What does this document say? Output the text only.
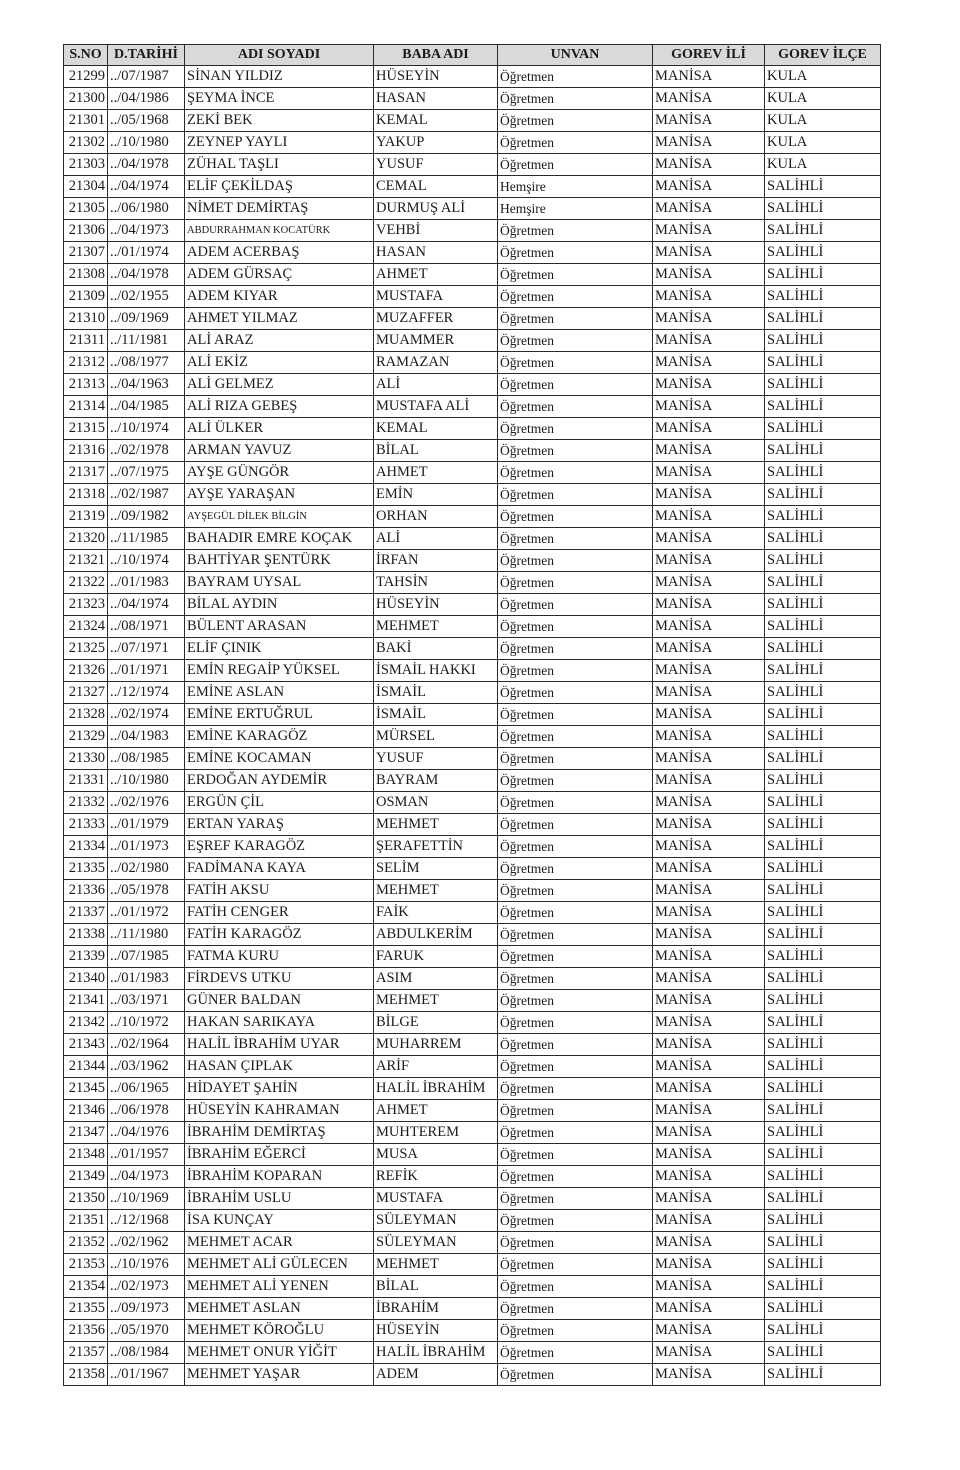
S.NO	D.TARİHİ	ADI SOYADI	BABA ADI	UNVAN	GOREV İLİ	GOREV İLÇE
21299	../07/1987	SİNAN YILDIZ	HÜSEYİN	Öğretmen	MANİSA	KULA
21300	../04/1986	ŞEYMA İNCE	HASAN	Öğretmen	MANİSA	KULA
21301	../05/1968	ZEKİ BEK	KEMAL	Öğretmen	MANİSA	KULA
21302	../10/1980	ZEYNEP YAYLI	YAKUP	Öğretmen	MANİSA	KULA
21303	../04/1978	ZÜHAL TAŞLI	YUSUF	Öğretmen	MANİSA	KULA
21304	../04/1974	ELİF ÇEKİLDAŞ	CEMAL	Hemşire	MANİSA	SALİHLİ
21305	../06/1980	NİMET DEMİRTAŞ	DURMUŞ ALİ	Hemşire	MANİSA	SALİHLİ
21306	../04/1973	ABDURRAHMAN KOCATÜRK	VEHBİ	Öğretmen	MANİSA	SALİHLİ
21307	../01/1974	ADEM ACERBAŞ	HASAN	Öğretmen	MANİSA	SALİHLİ
21308	../04/1978	ADEM GÜRSAÇ	AHMET	Öğretmen	MANİSA	SALİHLİ
21309	../02/1955	ADEM KIYAR	MUSTAFA	Öğretmen	MANİSA	SALİHLİ
21310	../09/1969	AHMET YILMAZ	MUZAFFER	Öğretmen	MANİSA	SALİHLİ
21311	../11/1981	ALİ ARAZ	MUAMMER	Öğretmen	MANİSA	SALİHLİ
21312	../08/1977	ALİ EKİZ	RAMAZAN	Öğretmen	MANİSA	SALİHLİ
21313	../04/1963	ALİ GELMEZ	ALİ	Öğretmen	MANİSA	SALİHLİ
21314	../04/1985	ALİ RIZA GEBEŞ	MUSTAFA ALİ	Öğretmen	MANİSA	SALİHLİ
21315	../10/1974	ALİ ÜLKER	KEMAL	Öğretmen	MANİSA	SALİHLİ
21316	../02/1978	ARMAN YAVUZ	BİLAL	Öğretmen	MANİSA	SALİHLİ
21317	../07/1975	AYŞE GÜNGÖR	AHMET	Öğretmen	MANİSA	SALİHLİ
21318	../02/1987	AYŞE YARAŞAN	EMİN	Öğretmen	MANİSA	SALİHLİ
21319	../09/1982	AYŞEGÜL DİLEK BİLGİN	ORHAN	Öğretmen	MANİSA	SALİHLİ
21320	../11/1985	BAHADIR EMRE KOÇAK	ALİ	Öğretmen	MANİSA	SALİHLİ
21321	../10/1974	BAHTİYAR ŞENTÜRK	İRFAN	Öğretmen	MANİSA	SALİHLİ
21322	../01/1983	BAYRAM UYSAL	TAHSİN	Öğretmen	MANİSA	SALİHLİ
21323	../04/1974	BİLAL AYDIN	HÜSEYİN	Öğretmen	MANİSA	SALİHLİ
21324	../08/1971	BÜLENT ARASAN	MEHMET	Öğretmen	MANİSA	SALİHLİ
21325	../07/1971	ELİF ÇINIK	BAKİ	Öğretmen	MANİSA	SALİHLİ
21326	../01/1971	EMİN REGAİP YÜKSEL	İSMAİL HAKKI	Öğretmen	MANİSA	SALİHLİ
21327	../12/1974	EMİNE ASLAN	İSMAİL	Öğretmen	MANİSA	SALİHLİ
21328	../02/1974	EMİNE ERTUĞRUL	İSMAİL	Öğretmen	MANİSA	SALİHLİ
21329	../04/1983	EMİNE KARAGÖZ	MÜRSEL	Öğretmen	MANİSA	SALİHLİ
21330	../08/1985	EMİNE KOCAMAN	YUSUF	Öğretmen	MANİSA	SALİHLİ
21331	../10/1980	ERDOĞAN AYDEMİR	BAYRAM	Öğretmen	MANİSA	SALİHLİ
21332	../02/1976	ERGÜN ÇİL	OSMAN	Öğretmen	MANİSA	SALİHLİ
21333	../01/1979	ERTAN YARAŞ	MEHMET	Öğretmen	MANİSA	SALİHLİ
21334	../01/1973	EŞREF KARAGÖZ	ŞERAFETTİN	Öğretmen	MANİSA	SALİHLİ
21335	../02/1980	FADİMANA KAYA	SELİM	Öğretmen	MANİSA	SALİHLİ
21336	../05/1978	FATİH AKSU	MEHMET	Öğretmen	MANİSA	SALİHLİ
21337	../01/1972	FATİH CENGER	FAİK	Öğretmen	MANİSA	SALİHLİ
21338	../11/1980	FATİH KARAGÖZ	ABDULKERİM	Öğretmen	MANİSA	SALİHLİ
21339	../07/1985	FATMA KURU	FARUK	Öğretmen	MANİSA	SALİHLİ
21340	../01/1983	FİRDEVS UTKU	ASIM	Öğretmen	MANİSA	SALİHLİ
21341	../03/1971	GÜNER BALDAN	MEHMET	Öğretmen	MANİSA	SALİHLİ
21342	../10/1972	HAKAN SARIKAYA	BİLGE	Öğretmen	MANİSA	SALİHLİ
21343	../02/1964	HALİL İBRAHİM UYAR	MUHARREM	Öğretmen	MANİSA	SALİHLİ
21344	../03/1962	HASAN ÇIPLAK	ARİF	Öğretmen	MANİSA	SALİHLİ
21345	../06/1965	HİDAYET ŞAHİN	HALİL İBRAHİM	Öğretmen	MANİSA	SALİHLİ
21346	../06/1978	HÜSEYİN KAHRAMAN	AHMET	Öğretmen	MANİSA	SALİHLİ
21347	../04/1976	İBRAHİM DEMİRTAŞ	MUHTEREM	Öğretmen	MANİSA	SALİHLİ
21348	../01/1957	İBRAHİM EĞERCİ	MUSA	Öğretmen	MANİSA	SALİHLİ
21349	../04/1973	İBRAHİM KOPARAN	REFİK	Öğretmen	MANİSA	SALİHLİ
21350	../10/1969	İBRAHİM USLU	MUSTAFA	Öğretmen	MANİSA	SALİHLİ
21351	../12/1968	İSA KUNÇAY	SÜLEYMAN	Öğretmen	MANİSA	SALİHLİ
21352	../02/1962	MEHMET ACAR	SÜLEYMAN	Öğretmen	MANİSA	SALİHLİ
21353	../10/1976	MEHMET ALİ GÜLECEN	MEHMET	Öğretmen	MANİSA	SALİHLİ
21354	../02/1973	MEHMET ALİ YENEN	BİLAL	Öğretmen	MANİSA	SALİHLİ
21355	../09/1973	MEHMET ASLAN	İBRAHİM	Öğretmen	MANİSA	SALİHLİ
21356	../05/1970	MEHMET KÖROĞLU	HÜSEYİN	Öğretmen	MANİSA	SALİHLİ
21357	../08/1984	MEHMET ONUR YİĞİT	HALİL İBRAHİM	Öğretmen	MANİSA	SALİHLİ
21358	../01/1967	MEHMET YAŞAR	ADEM	Öğretmen	MANİSA	SALİHLİ
